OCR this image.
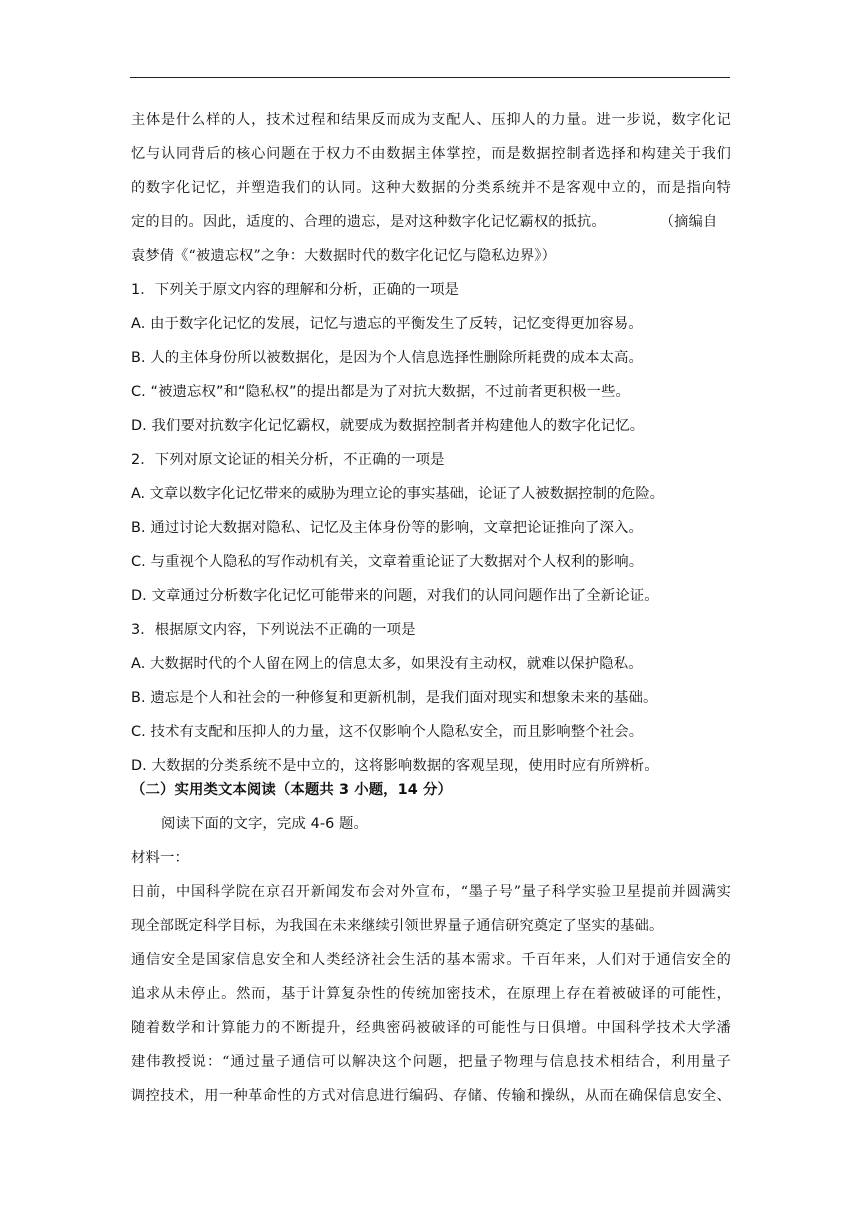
主体是什么样的人，技术过程和结果反而成为支配人、压抑人的力量。进一步说，数字化记
忆与认同背后的核心问题在于权力不由数据主体掌控，而是数据控制者选择和构建关于我们
的数字化记忆，并塑造我们的认同。这种大数据的分类系统并不是客观中立的，而是指向特
定的目的。因此，适度的、合理的遗忘，是对这种数字化记忆霸权的抵抗。	（摘编自
袁梦倩《“被遗忘权”之争：大数据时代的数字化记忆与隐私边界》）
1．下列关于原文内容的理解和分析，正确的一项是
A. 由于数字化记忆的发展，记忆与遗忘的平衡发生了反转，记忆变得更加容易。
B. 人的主体身份所以被数据化，是因为个人信息选择性删除所耗费的成本太高。
C. “被遗忘权”和“隐私权”的提出都是为了对抗大数据，不过前者更积极一些。
D. 我们要对抗数字化记忆霸权，就要成为数据控制者并构建他人的数字化记忆。
2．下列对原文论证的相关分析，不正确的一项是
A. 文章以数字化记忆带来的威胁为理立论的事实基础，论证了人被数据控制的危险。
B. 通过讨论大数据对隐私、记忆及主体身份等的影响，文章把论证推向了深入。
C. 与重视个人隐私的写作动机有关，文章着重论证了大数据对个人权利的影响。
D. 文章通过分析数字化记忆可能带来的问题，对我们的认同问题作出了全新论证。
3．根据原文内容，下列说法不正确的一项是
A. 大数据时代的个人留在网上的信息太多，如果没有主动权，就难以保护隐私。
B. 遗忘是个人和社会的一种修复和更新机制，是我们面对现实和想象未来的基础。
C. 技术有支配和压抑人的力量，这不仅影响个人隐私安全，而且影响整个社会。
D. 大数据的分类系统不是中立的，这将影响数据的客观呈现，使用时应有所辨析。
（二）实用类文本阅读（本题共 3 小题，14 分）
阅读下面的文字，完成 4-6 题。
材料一：
日前，中国科学院在京召开新闻发布会对外宣布，“墨子号”量子科学实验卫星提前并圆满实
现全部既定科学目标，为我国在未来继续引领世界量子通信研究奠定了坚实的基础。
通信安全是国家信息安全和人类经济社会生活的基本需求。千百年来，人们对于通信安全的
追求从未停止。然而，基于计算复杂性的传统加密技术，在原理上存在着被破译的可能性，
随着数学和计算能力的不断提升，经典密码被破译的可能性与日俱增。中国科学技术大学潘
建伟教授说：“通过量子通信可以解决这个问题，把量子物理与信息技术相结合，利用量子
调控技术，用一种革命性的方式对信息进行编码、存储、传输和操纵，从而在确保信息安全、
